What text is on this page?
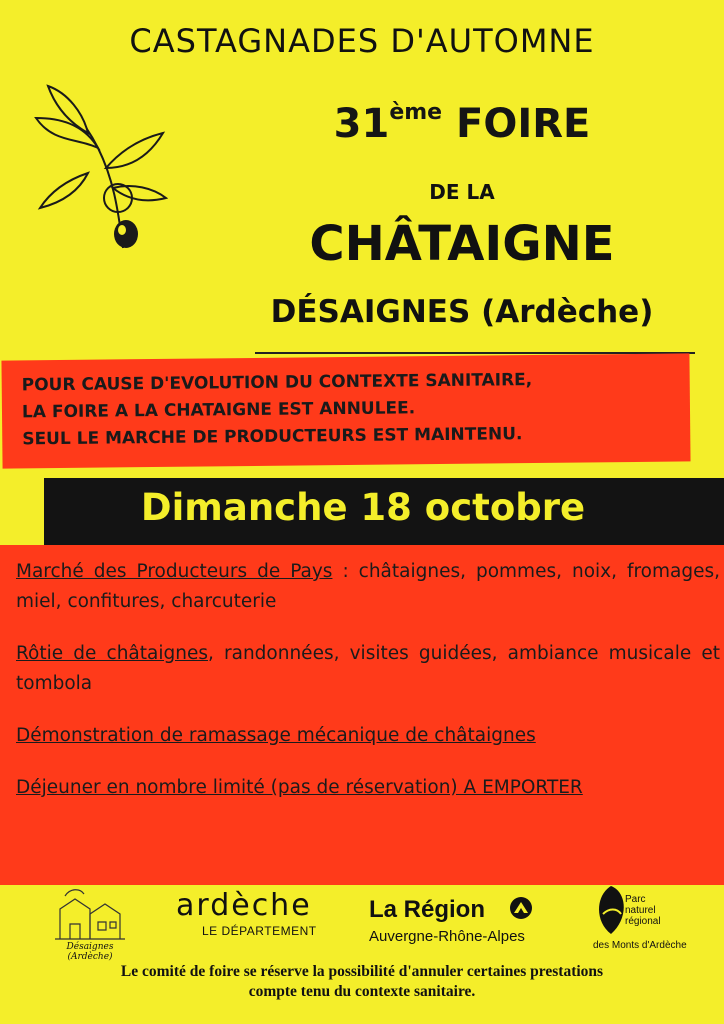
CASTAGNADES D'AUTOMNE
31ème FOIRE
DE LA
CHÂTAIGNE
DÉSAIGNES (Ardèche)
POUR CAUSE D'EVOLUTION DU CONTEXTE SANITAIRE,
LA FOIRE A LA CHATAIGNE EST ANNULEE.
SEUL LE MARCHE DE PRODUCTEURS EST MAINTENU.
Dimanche 18 octobre
Marché des Producteurs de Pays : châtaignes, pommes, noix, fromages, miel, confitures, charcuterie
Rôtie de châtaignes, randonnées, visites guidées, ambiance musicale et tombola
Démonstration de ramassage mécanique de châtaignes
Déjeuner en nombre limité (pas de réservation) A EMPORTER
Désaignes (Ardèche)
ardèche
LE DÉPARTEMENT
La Région
Auvergne-Rhône-Alpes
Parc
naturel
régional
des Monts d'Ardèche
Le comité de foire se réserve la possibilité d'annuler certaines prestations
compte tenu du contexte sanitaire.
